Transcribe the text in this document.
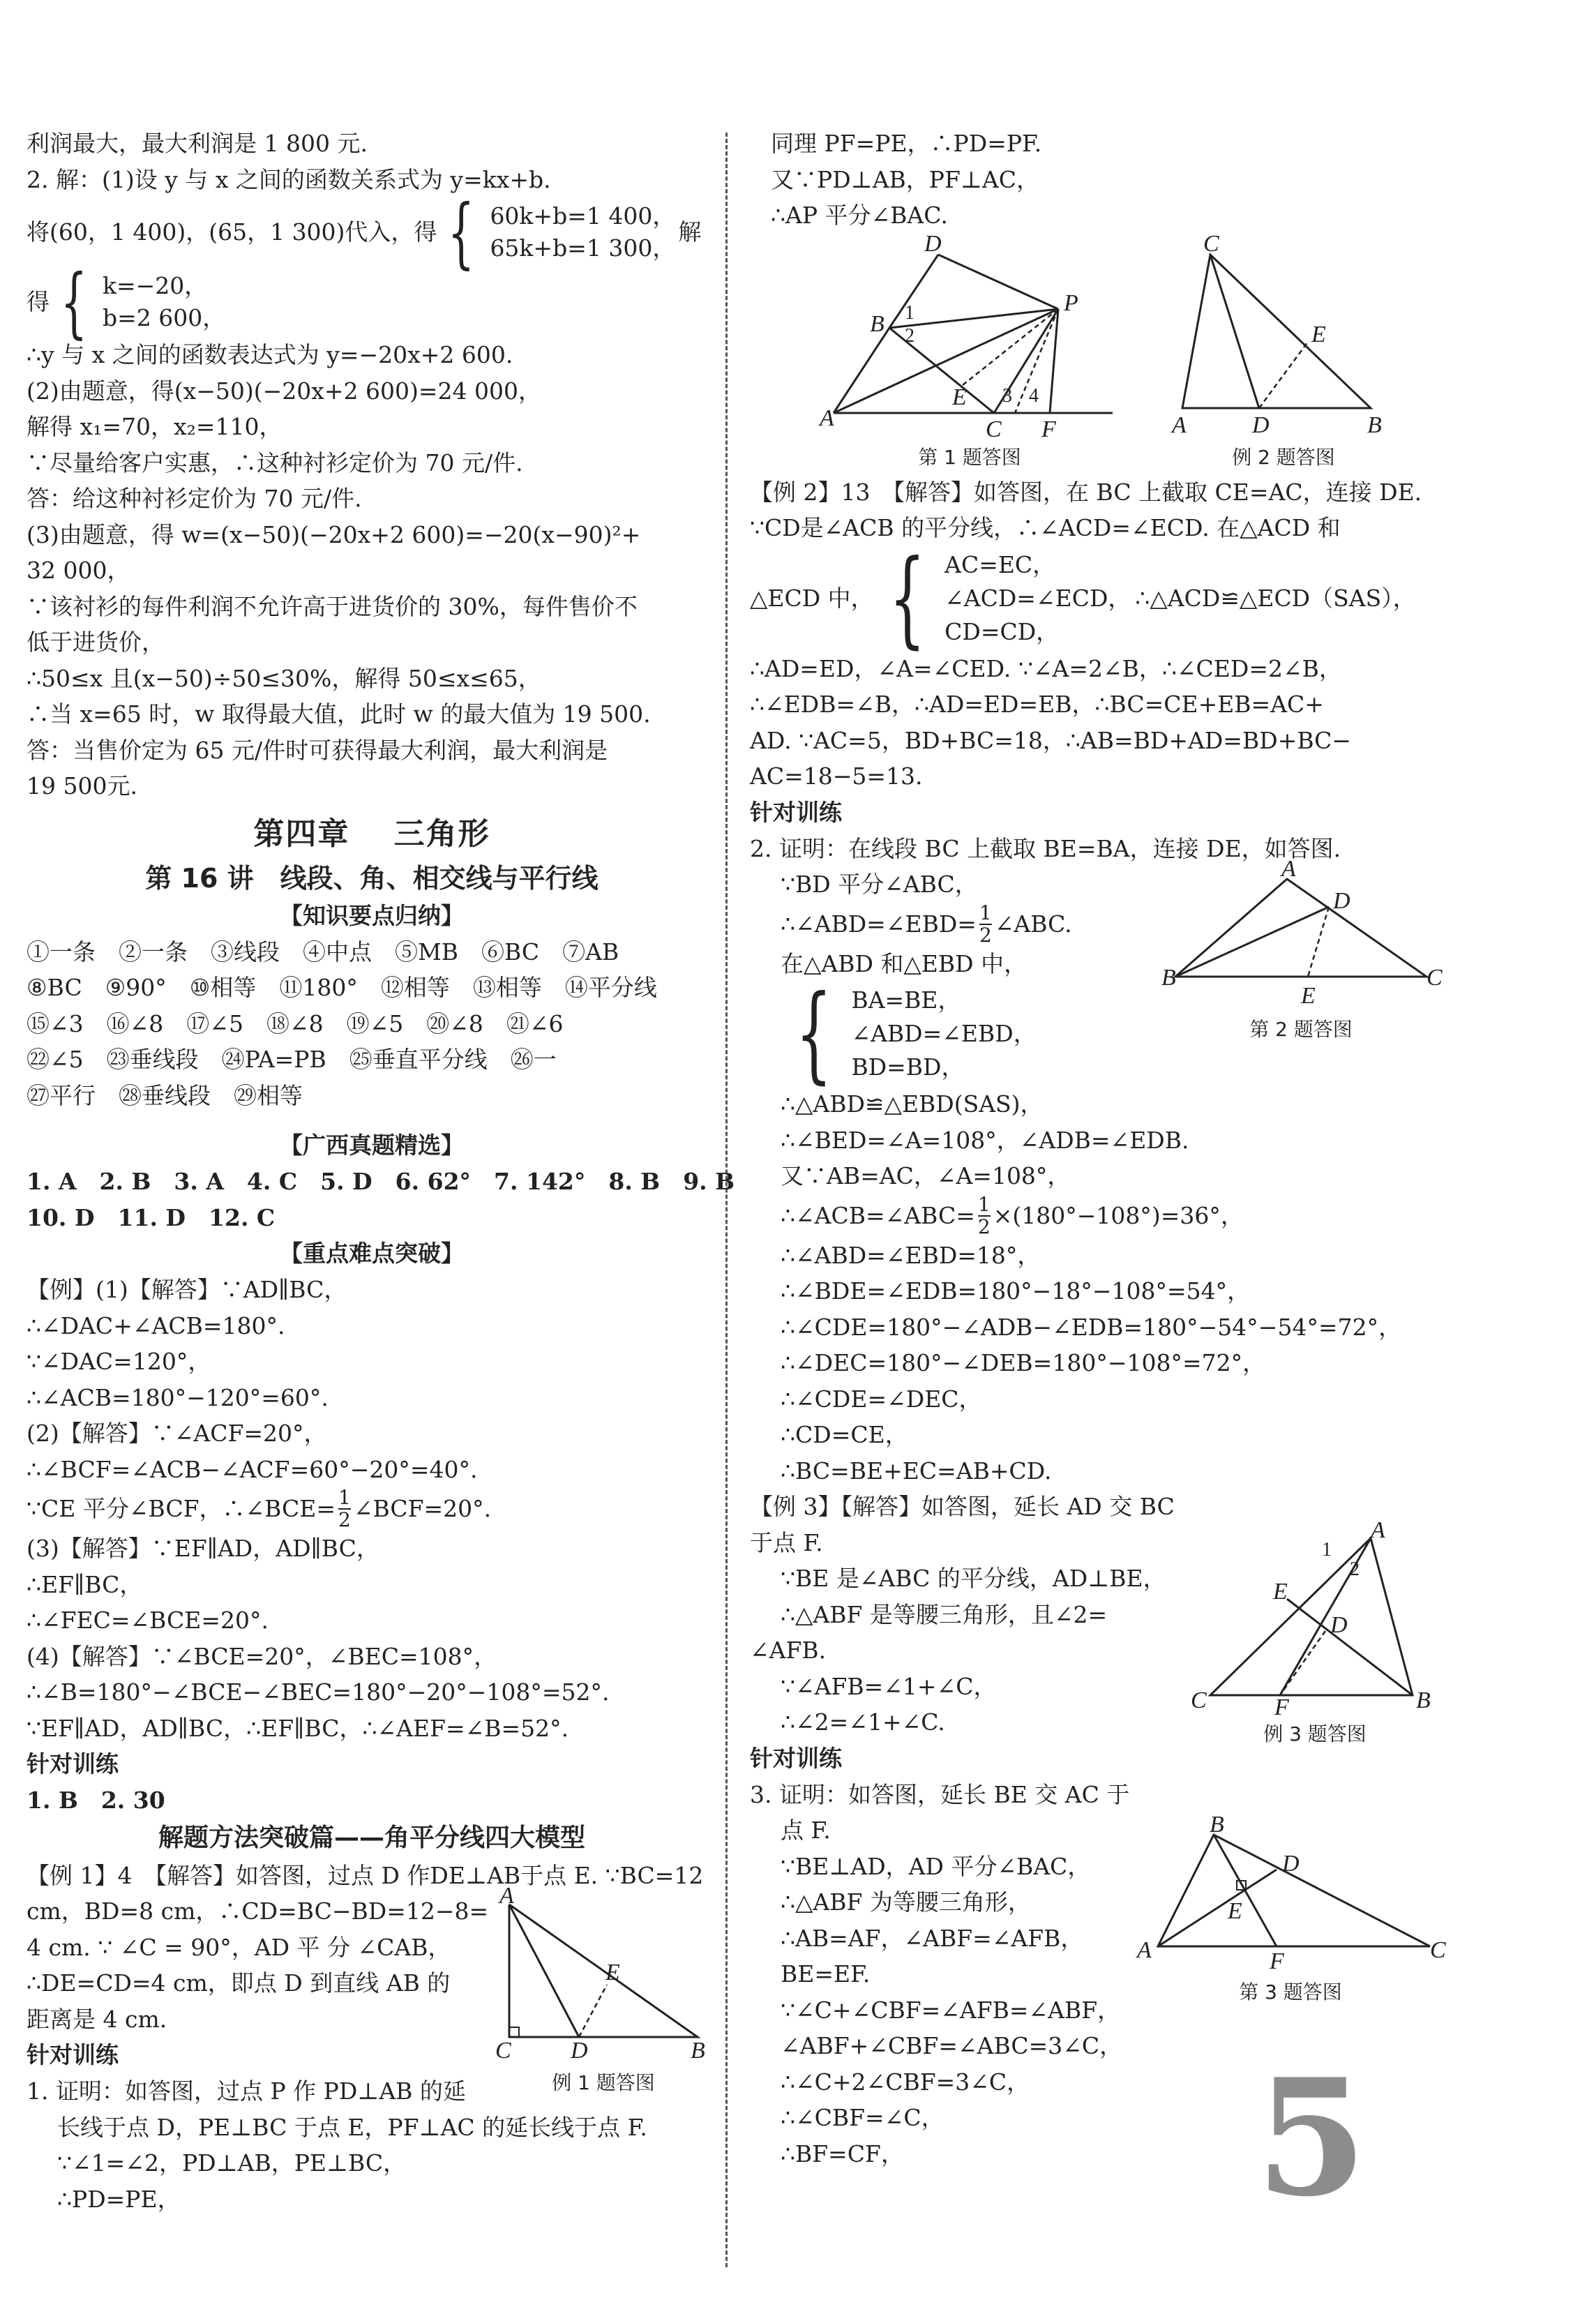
利润最大，最大利润是 1 800 元.
2. 解：(1)设 y 与 x 之间的函数关系式为 y=kx+b.
将(60，1 400)，(65，1 300)代入，得 { 60k+b=1 400，
65k+b=1 300，
解
得 { k=−20，
b=2 600，
∴y 与 x 之间的函数表达式为 y=−20x+2 600.
(2)由题意，得(x−50)(−20x+2 600)=24 000，
解得 x₁=70，x₂=110，
∵尽量给客户实惠，∴这种衬衫定价为 70 元/件.
答：给这种衬衫定价为 70 元/件.
(3)由题意，得 w=(x−50)(−20x+2 600)=−20(x−90)²+
32 000，
∵该衬衫的每件利润不允许高于进货价的 30%，每件售价不
低于进货价，
∴50≤x 且(x−50)÷50≤30%，解得 50≤x≤65，
∴当 x=65 时，w 取得最大值，此时 w 的最大值为 19 500.
答：当售价定为 65 元/件时可获得最大利润，最大利润是
19 500元.
第四章　 三角形
第 16 讲　线段、角、相交线与平行线
【知识要点归纳】
①一条　②一条　③线段　④中点　⑤MB　⑥BC　⑦AB
⑧BC　⑨90°　⑩相等　⑪180°　⑫相等　⑬相等　⑭平分线
⑮∠3　⑯∠8　⑰∠5　⑱∠8　⑲∠5　⑳∠8　㉑∠6
㉒∠5　㉓垂线段　㉔PA=PB　㉕垂直平分线　㉖一
㉗平行　㉘垂线段　㉙相等
【广西真题精选】
1. A　2. B　3. A　4. C　5. D　6. 62°　7. 142°　8. B　9. B
10. D　11. D　12. C
【重点难点突破】
【例】(1)【解答】∵AD∥BC，
∴∠DAC+∠ACB=180°.
∵∠DAC=120°，
∴∠ACB=180°−120°=60°.
(2)【解答】∵∠ACF=20°，
∴∠BCF=∠ACB−∠ACF=60°−20°=40°.
∵CE 平分∠BCF，∴∠BCE= $\frac{1}{2}$ ∠BCF=20°.
(3)【解答】∵EF∥AD，AD∥BC，
∴EF∥BC，
∴∠FEC=∠BCE=20°.
(4)【解答】∵∠BCE=20°，∠BEC=108°，
∴∠B=180°−∠BCE−∠BEC=180°−20°−108°=52°.
∵EF∥AD，AD∥BC，∴EF∥BC，∴∠AEF=∠B=52°.
针对训练
1. B　2. 30
解题方法突破篇——角平分线四大模型
【例 1】4　【解答】如答图，过点 D 作DE⊥AB于点 E. ∵BC=12
cm，BD=8 cm，∴CD=BC−BD=12−8=
4 cm. ∵ ∠C = 90°，AD 平 分 ∠CAB，
∴DE=CD=4 cm，即点 D 到直线 AB 的
距离是 4 cm.
针对训练
1. 证明：如答图，过点 P 作 PD⊥AB 的延
长线于点 D，PE⊥BC 于点 E，PF⊥AC 的延长线于点 F.
∵∠1=∠2，PD⊥AB，PE⊥BC，
∴PD=PE，
A
C	D	B
E
例 1 题答图
同理 PF=PE，∴PD=PF.
又∵PD⊥AB，PF⊥AC，
∴AP 平分∠BAC.
D
B 1
2
P
A
E 3 4
C F
第 1 题答图
C
E
A	D	B
例 2 题答图
【例 2】13　【解答】如答图，在 BC 上截取 CE=AC，连接 DE.
∵CD是∠ACB 的平分线，∴∠ACD=∠ECD. 在△ACD 和
△ECD 中， { AC=EC，
∠ACD=∠ECD，
CD=CD，
∴△ACD≌△ECD（SAS），
∴AD=ED，∠A=∠CED. ∵∠A=2∠B，∴∠CED=2∠B，
∴∠EDB=∠B，∴AD=ED=EB，∴BC=CE+EB=AC+
AD. ∵AC=5，BD+BC=18，∴AB=BD+AD=BD+BC−
AC=18−5=13.
针对训练
2. 证明：在线段 BC 上截取 BE=BA，连接 DE，如答图.
∵BD 平分∠ABC，
∴∠ABD=∠EBD= $\frac{1}{2}$ ∠ABC.
在△ABD 和△EBD 中，
{ BA=BE，
∠ABD=∠EBD，
BD=BD，
∴△ABD≌△EBD(SAS)，
∴∠BED=∠A=108°，∠ADB=∠EDB.
又∵AB=AC，∠A=108°，
∴∠ACB=∠ABC= $\frac{1}{2} \times(180^\circ-108^\circ)=36^\circ$，
∴∠ABD=∠EBD=18°，
∴∠BDE=∠EDB=180°−18°−108°=54°，
∴∠CDE=180°−∠ADB−∠EDB=180°−54°−54°=72°，
∴∠DEC=180°−∠DEB=180°−108°=72°，
∴∠CDE=∠DEC，
∴CD=CE，
∴BC=BE+EC=AB+CD.
【例 3】【解答】如答图，延长 AD 交 BC
于点 F.
∵BE 是∠ABC 的平分线，AD⊥BE，
∴△ABF 是等腰三角形，且∠2=
∠AFB.
∵∠AFB=∠1+∠C，
∴∠2=∠1+∠C.
针对训练
3. 证明：如答图，延长 BE 交 AC 于
点 F.
∵BE⊥AD，AD 平分∠BAC，
∴△ABF 为等腰三角形，
∴AB=AF，∠ABF=∠AFB，
BE=EF.
∵∠C+∠CBF=∠AFB=∠ABF，
∠ABF+∠CBF=∠ABC=3∠C，
∴∠C+2∠CBF=3∠C，
∴∠CBF=∠C，
∴BF=CF，
A
D
B
E
C
第 2 题答图
A
1
2
E
D
C	F	B
例 3 题答图
B
D
E
A	F	C
第 3 题答图
5
